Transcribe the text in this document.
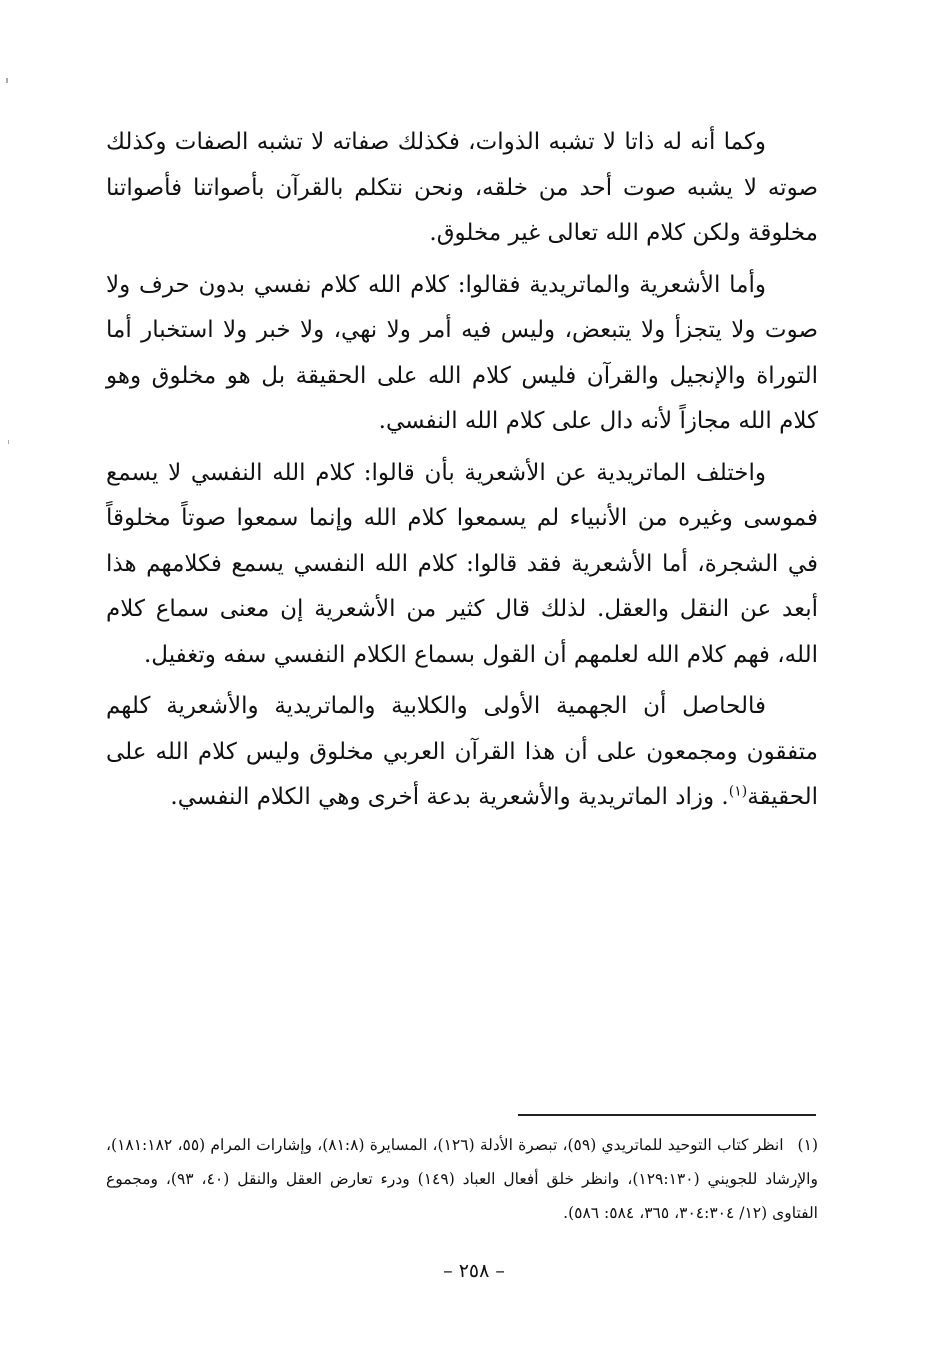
وكما أنه له ذاتا لا تشبه الذوات، فكذلك صفاته لا تشبه الصفات وكذلك صوته لا يشبه صوت أحد من خلقه، ونحن نتكلم بالقرآن بأصواتنا فأصواتنا مخلوقة ولكن كلام الله تعالى غير مخلوق.

وأما الأشعرية والماتريدية فقالوا: كلام الله كلام نفسي بدون حرف ولا صوت ولا يتجزأ ولا يتبعض، وليس فيه أمر ولا نهي، ولا خبر ولا استخبار أما التوراة والإنجيل والقرآن فليس كلام الله على الحقيقة بل هو مخلوق وهو كلام الله مجازاً لأنه دال على كلام الله النفسي.

واختلف الماتريدية عن الأشعرية بأن قالوا: كلام الله النفسي لا يسمع فموسى وغيره من الأنبياء لم يسمعوا كلام الله وإنما سمعوا صوتاً مخلوقاً في الشجرة، أما الأشعرية فقد قالوا: كلام الله النفسي يسمع فكلامهم هذا أبعد عن النقل والعقل. لذلك قال كثير من الأشعرية إن معنى سماع كلام الله، فهم كلام الله لعلمهم أن القول بسماع الكلام النفسي سفه وتغفيل.

فالحاصل أن الجهمية الأولى والكلابية والماتريدية والأشعرية كلهم متفقون ومجمعون على أن هذا القرآن العربي مخلوق وليس كلام الله على الحقيقة$^{(١)}$. وزاد الماتريدية والأشعرية بدعة أخرى وهي الكلام النفسي.

(١)انظر كتاب التوحيد للماتريدي (٥٩)، تبصرة الأدلة (١٢٦)، المسايرة (٨١:٨)، وإشارات المرام (٥٥، ١٨١:١٨٢)، والإرشاد للجويني (١٢٩:١٣٠)، وانظر خلق أفعال العباد (١٤٩) ودرء تعارض العقل والنقل (٤٠، ٩٣)، ومجموع الفتاوى (١٢/ ٣٠٤:٣٠٤، ٣٦٥، ٥٨٤: ٥٨٦).

– ٢٥٨ –
